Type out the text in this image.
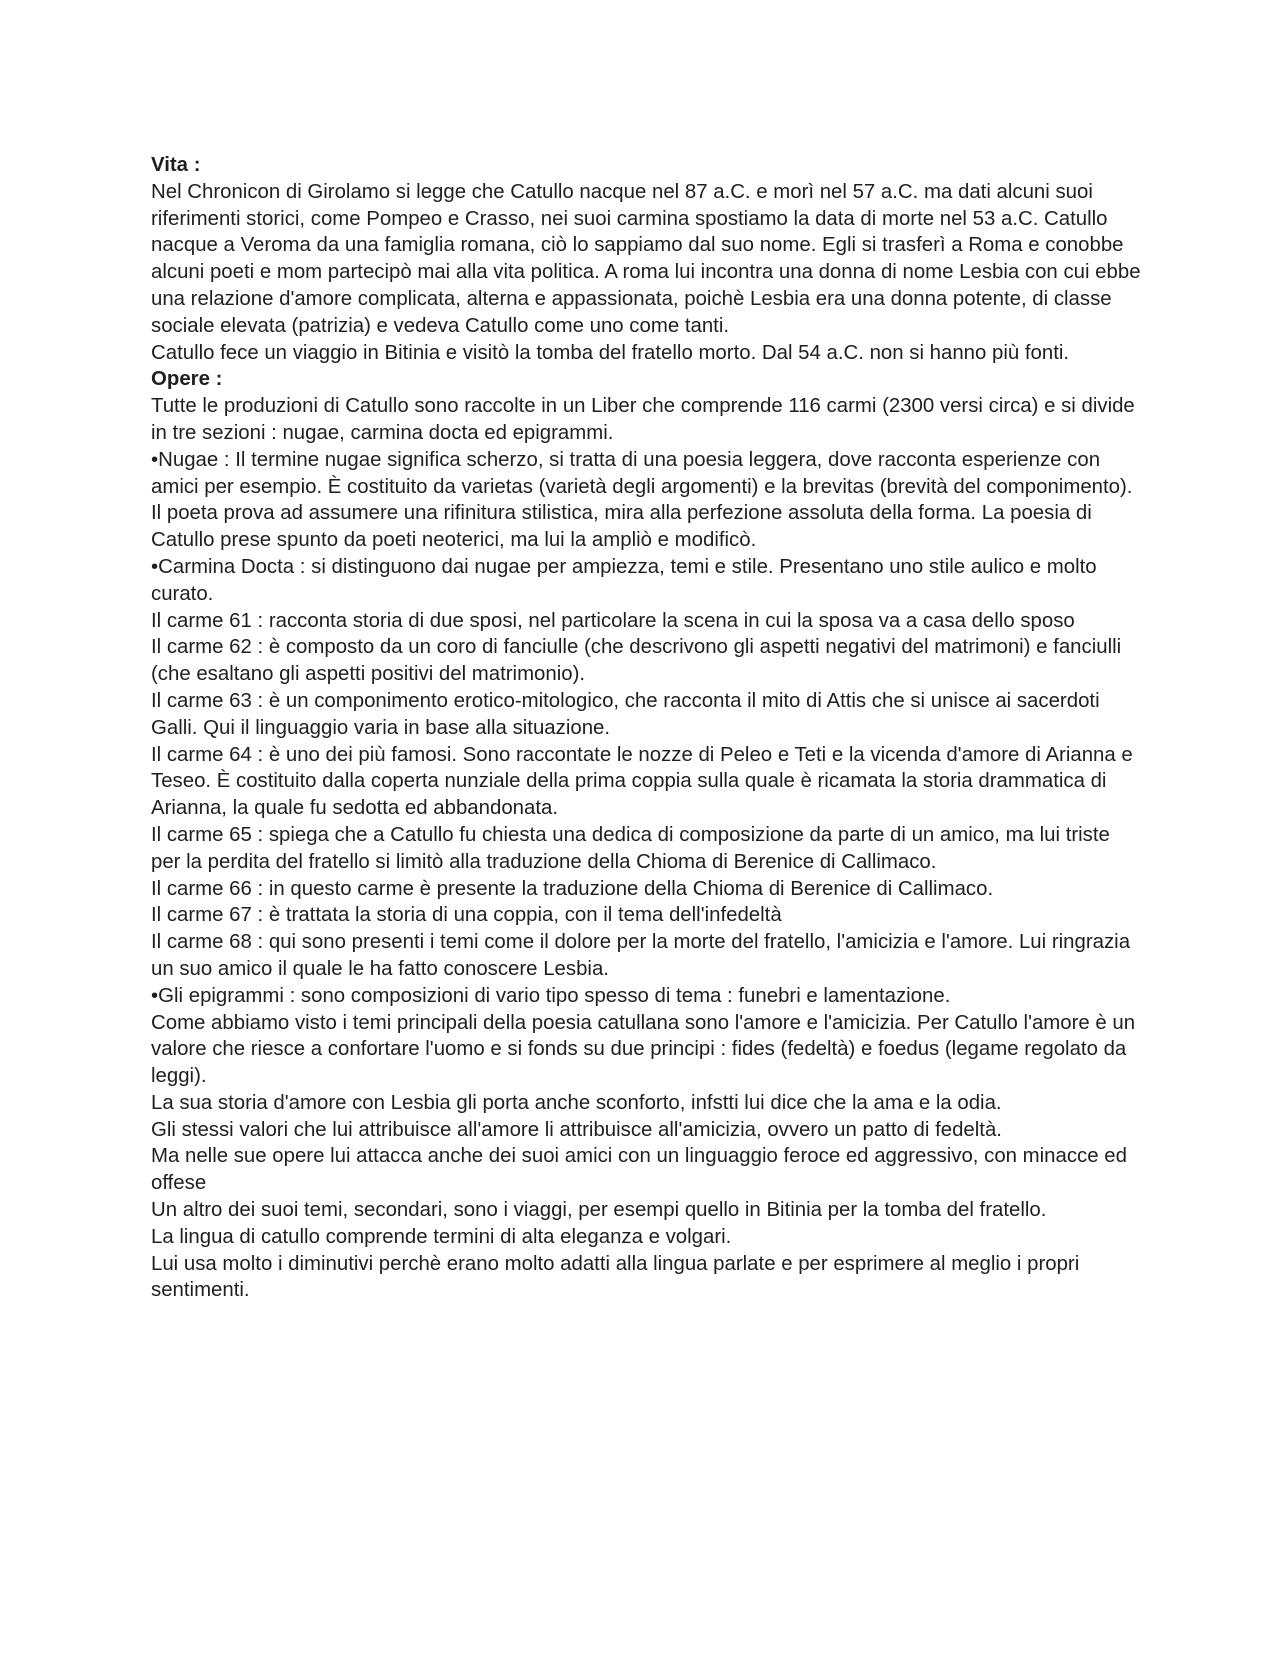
Vita :

Nel Chronicon di Girolamo si legge che Catullo nacque nel 87 a.C. e morì nel 57 a.C. ma dati alcuni suoi riferimenti storici, come Pompeo e Crasso, nei suoi carmina spostiamo la data di morte nel 53 a.C. Catullo nacque a Veroma da una famiglia romana, ciò lo sappiamo dal suo nome. Egli si trasferì a Roma e conobbe alcuni poeti e mom partecipò mai alla vita politica. A roma lui incontra una donna di nome Lesbia con cui ebbe una relazione d'amore complicata, alterna e appassionata, poichè Lesbia era una donna potente, di classe sociale elevata (patrizia) e vedeva Catullo come uno come tanti.

Catullo fece un viaggio in Bitinia e visitò la tomba del fratello morto. Dal 54 a.C. non si hanno più fonti.

Opere :

Tutte le produzioni di Catullo sono raccolte in un Liber che comprende 116 carmi (2300 versi circa) e si divide in tre sezioni : nugae, carmina docta ed epigrammi.

•Nugae : Il termine nugae significa scherzo, si tratta di una poesia leggera, dove racconta esperienze con amici per esempio. È costituito da varietas (varietà degli argomenti) e la brevitas (brevità del componimento). Il poeta prova ad assumere una rifinitura stilistica, mira alla perfezione assoluta della forma. La poesia di Catullo prese spunto da poeti neoterici, ma lui la ampliò e modificò.

•Carmina Docta : si distinguono dai nugae per ampiezza, temi e stile. Presentano uno stile aulico e molto curato.

Il carme 61 : racconta storia di due sposi, nel particolare la scena in cui la sposa va a casa dello sposo

Il carme 62 : è composto da un coro di fanciulle (che descrivono gli aspetti negativi del matrimoni) e fanciulli (che esaltano gli aspetti positivi del matrimonio).

Il carme 63 : è un componimento erotico-mitologico, che racconta il mito di Attis che si unisce ai sacerdoti Galli. Qui il linguaggio varia in base alla situazione.

Il carme 64 : è uno dei più famosi. Sono raccontate le nozze di Peleo e Teti e la vicenda d'amore di Arianna e Teseo. È costituito dalla coperta nunziale della prima coppia sulla quale è ricamata la storia drammatica di Arianna, la quale fu sedotta ed abbandonata.

Il carme 65 : spiega che a Catullo fu chiesta una dedica di composizione da parte di un amico, ma lui triste per la perdita del fratello si limitò alla traduzione della Chioma di Berenice di Callimaco.

Il carme 66 : in questo carme è presente la traduzione della Chioma di Berenice di Callimaco.

Il carme 67 : è trattata la storia di una coppia, con il tema dell'infedeltà

Il carme 68 : qui sono presenti i temi come il dolore per la morte del fratello, l'amicizia e l'amore. Lui ringrazia un suo amico il quale le ha fatto conoscere Lesbia.

•Gli epigrammi : sono composizioni di vario tipo spesso di tema : funebri e lamentazione.

Come abbiamo visto i temi principali della poesia catullana sono l'amore e l'amicizia. Per Catullo l'amore è un valore che riesce a confortare l'uomo e si fonds su due principi : fides (fedeltà) e foedus (legame regolato da leggi).

La sua storia d'amore con Lesbia gli porta anche sconforto, infstti lui dice che la ama e la odia.

Gli stessi valori che lui attribuisce all'amore li attribuisce all'amicizia, ovvero un patto di fedeltà.

Ma nelle sue opere lui attacca anche dei suoi amici con un linguaggio feroce ed aggressivo, con minacce ed offese

Un altro dei suoi temi, secondari, sono i viaggi, per esempi quello in Bitinia per la tomba del fratello.

La lingua di catullo comprende termini di alta eleganza e volgari.

Lui usa molto i diminutivi perchè erano molto adatti alla lingua parlate e per esprimere al meglio i propri sentimenti.
